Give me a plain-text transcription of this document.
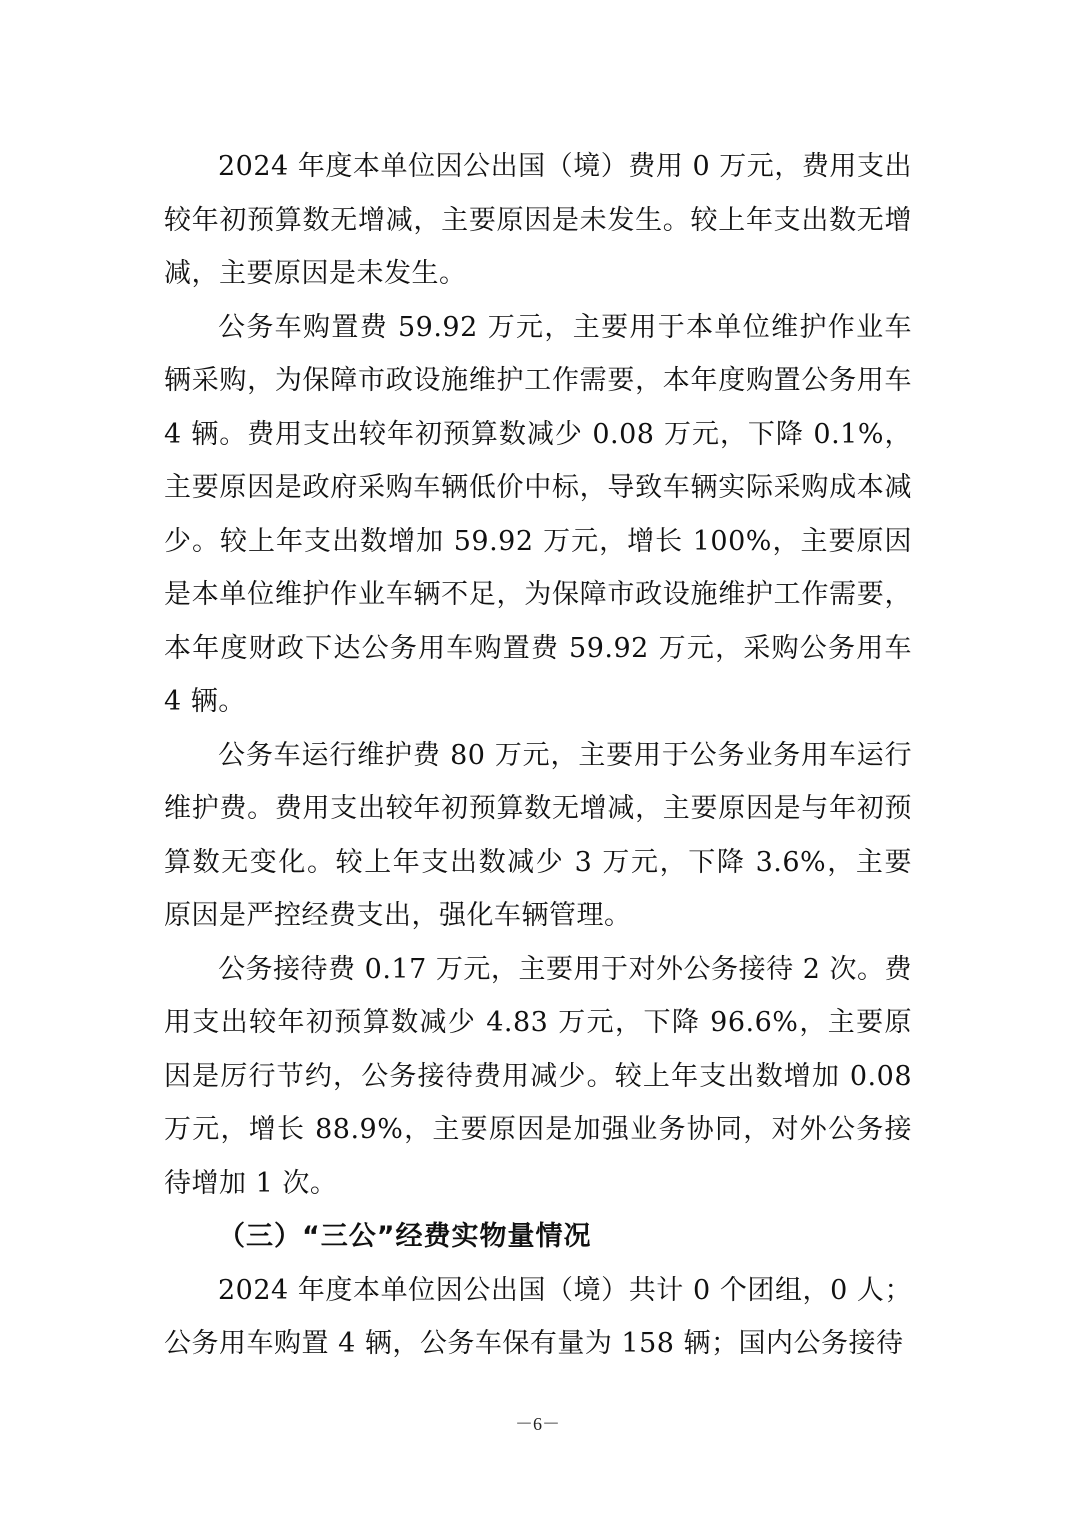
2024 年度本单位因公出国（境）费用 0 万元，费用支出较年初预算数无增减，主要原因是未发生。较上年支出数无增减，主要原因是未发生。

公务车购置费 59.92 万元，主要用于本单位维护作业车辆采购，为保障市政设施维护工作需要，本年度购置公务用车 4 辆。费用支出较年初预算数减少 0.08 万元，下降 0.1%，主要原因是政府采购车辆低价中标，导致车辆实际采购成本减少。较上年支出数增加 59.92 万元，增长 100%，主要原因是本单位维护作业车辆不足，为保障市政设施维护工作需要，本年度财政下达公务用车购置费 59.92 万元，采购公务用车 4 辆。

公务车运行维护费 80 万元，主要用于公务业务用车运行维护费。费用支出较年初预算数无增减，主要原因是与年初预算数无变化。较上年支出数减少 3 万元，下降 3.6%，主要原因是严控经费支出，强化车辆管理。

公务接待费 0.17 万元，主要用于对外公务接待 2 次。费用支出较年初预算数减少 4.83 万元，下降 96.6%，主要原因是厉行节约，公务接待费用减少。较上年支出数增加 0.08 万元，增长 88.9%，主要原因是加强业务协同，对外公务接待增加 1 次。

（三）“三公”经费实物量情况

2024 年度本单位因公出国（境）共计 0 个团组，0 人；公务用车购置 4 辆，公务车保有量为 158 辆；国内公务接待

－6－
